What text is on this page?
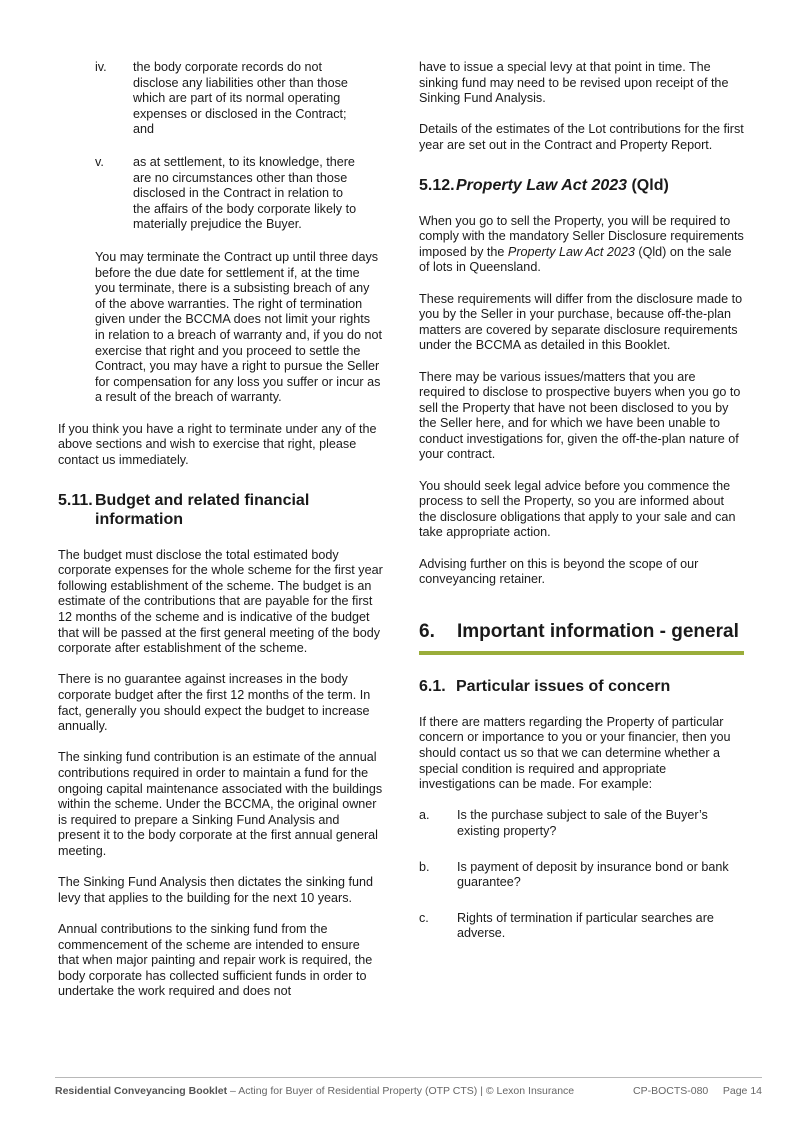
iv.	the body corporate records do not disclose any liabilities other than those which are part of its normal operating expenses or disclosed in the Contract; and
v.	as at settlement, to its knowledge, there are no circumstances other than those disclosed in the Contract in relation to the affairs of the body corporate likely to materially prejudice the Buyer.

You may terminate the Contract up until three days before the due date for settlement if, at the time you terminate, there is a subsisting breach of any of the above warranties. The right of termination given under the BCCMA does not limit your rights in relation to a breach of warranty and, if you do not exercise that right and you proceed to settle the Contract, you may have a right to pursue the Seller for compensation for any loss you suffer or incur as a result of the breach of warranty.

If you think you have a right to terminate under any of the above sections and wish to exercise that right, please contact us immediately.

5.11. Budget and related financial information

The budget must disclose the total estimated body corporate expenses for the whole scheme for the first year following establishment of the scheme. The budget is an estimate of the contributions that are payable for the first 12 months of the scheme and is indicative of the budget that will be passed at the first general meeting of the body corporate after establishment of the scheme.

There is no guarantee against increases in the body corporate budget after the first 12 months of the term. In fact, generally you should expect the budget to increase annually.

The sinking fund contribution is an estimate of the annual contributions required in order to maintain a fund for the ongoing capital maintenance associated with the buildings within the scheme. Under the BCCMA, the original owner is required to prepare a Sinking Fund Analysis and present it to the body corporate at the first annual general meeting.

The Sinking Fund Analysis then dictates the sinking fund levy that applies to the building for the next 10 years.

Annual contributions to the sinking fund from the commencement of the scheme are intended to ensure that when major painting and repair work is required, the body corporate has collected sufficient funds in order to undertake the work required and does not

have to issue a special levy at that point in time. The sinking fund may need to be revised upon receipt of the Sinking Fund Analysis.

Details of the estimates of the Lot contributions for the first year are set out in the Contract and Property Report.

5.12. Property Law Act 2023 (Qld)

When you go to sell the Property, you will be required to comply with the mandatory Seller Disclosure requirements imposed by the Property Law Act 2023 (Qld) on the sale of lots in Queensland.

These requirements will differ from the disclosure made to you by the Seller in your purchase, because off-the-plan matters are covered by separate disclosure requirements under the BCCMA as detailed in this Booklet.

There may be various issues/matters that you are required to disclose to prospective buyers when you go to sell the Property that have not been disclosed to you by the Seller here, and for which we have been unable to conduct investigations for, given the off-the-plan nature of your contract.

You should seek legal advice before you commence the process to sell the Property, so you are informed about the disclosure obligations that apply to your sale and can take appropriate action.

Advising further on this is beyond the scope of our conveyancing retainer.

6.	Important information - general
6.1. Particular issues of concern

If there are matters regarding the Property of particular concern or importance to you or your financier, then you should contact us so that we can determine whether a special condition is required and appropriate investigations can be made. For example:

a.	Is the purchase subject to sale of the Buyer’s existing property?
b.	Is payment of deposit by insurance bond or bank guarantee?
c.	Rights of termination if particular searches are adverse.
Residential Conveyancing Booklet – Acting for Buyer of Residential Property (OTP CTS) | © Lexon Insurance	CP-BOCTS-080 Page 14
